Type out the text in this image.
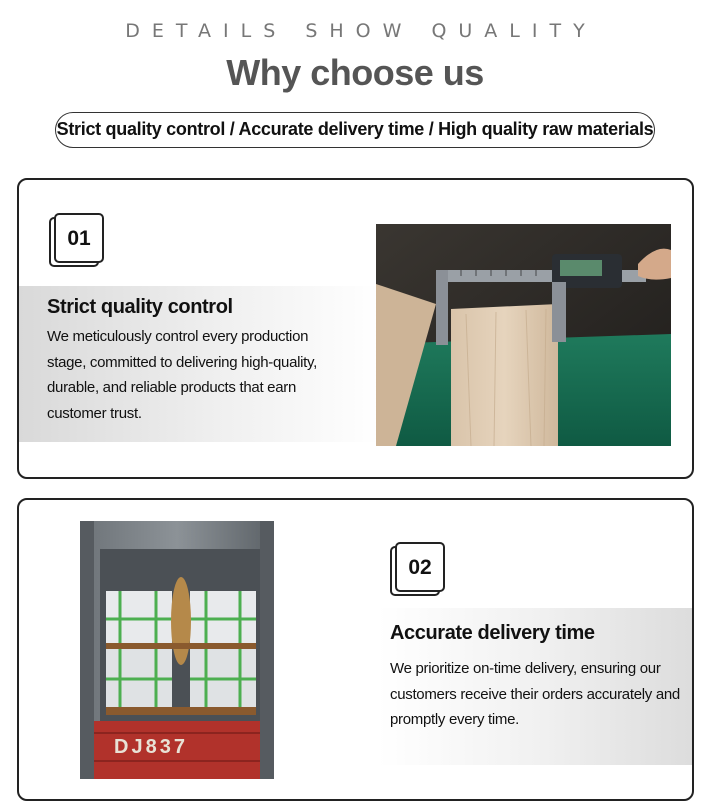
DETAILS SHOW QUALITY
Why choose us
Strict quality control / Accurate delivery time / High quality raw materials
01
Strict quality control
We meticulously control every production stage, committed to delivering high-quality, durable, and reliable products that earn customer trust.
DJ837
02
Accurate delivery time
We prioritize on-time delivery, ensuring our customers receive their orders accurately and promptly every time.
